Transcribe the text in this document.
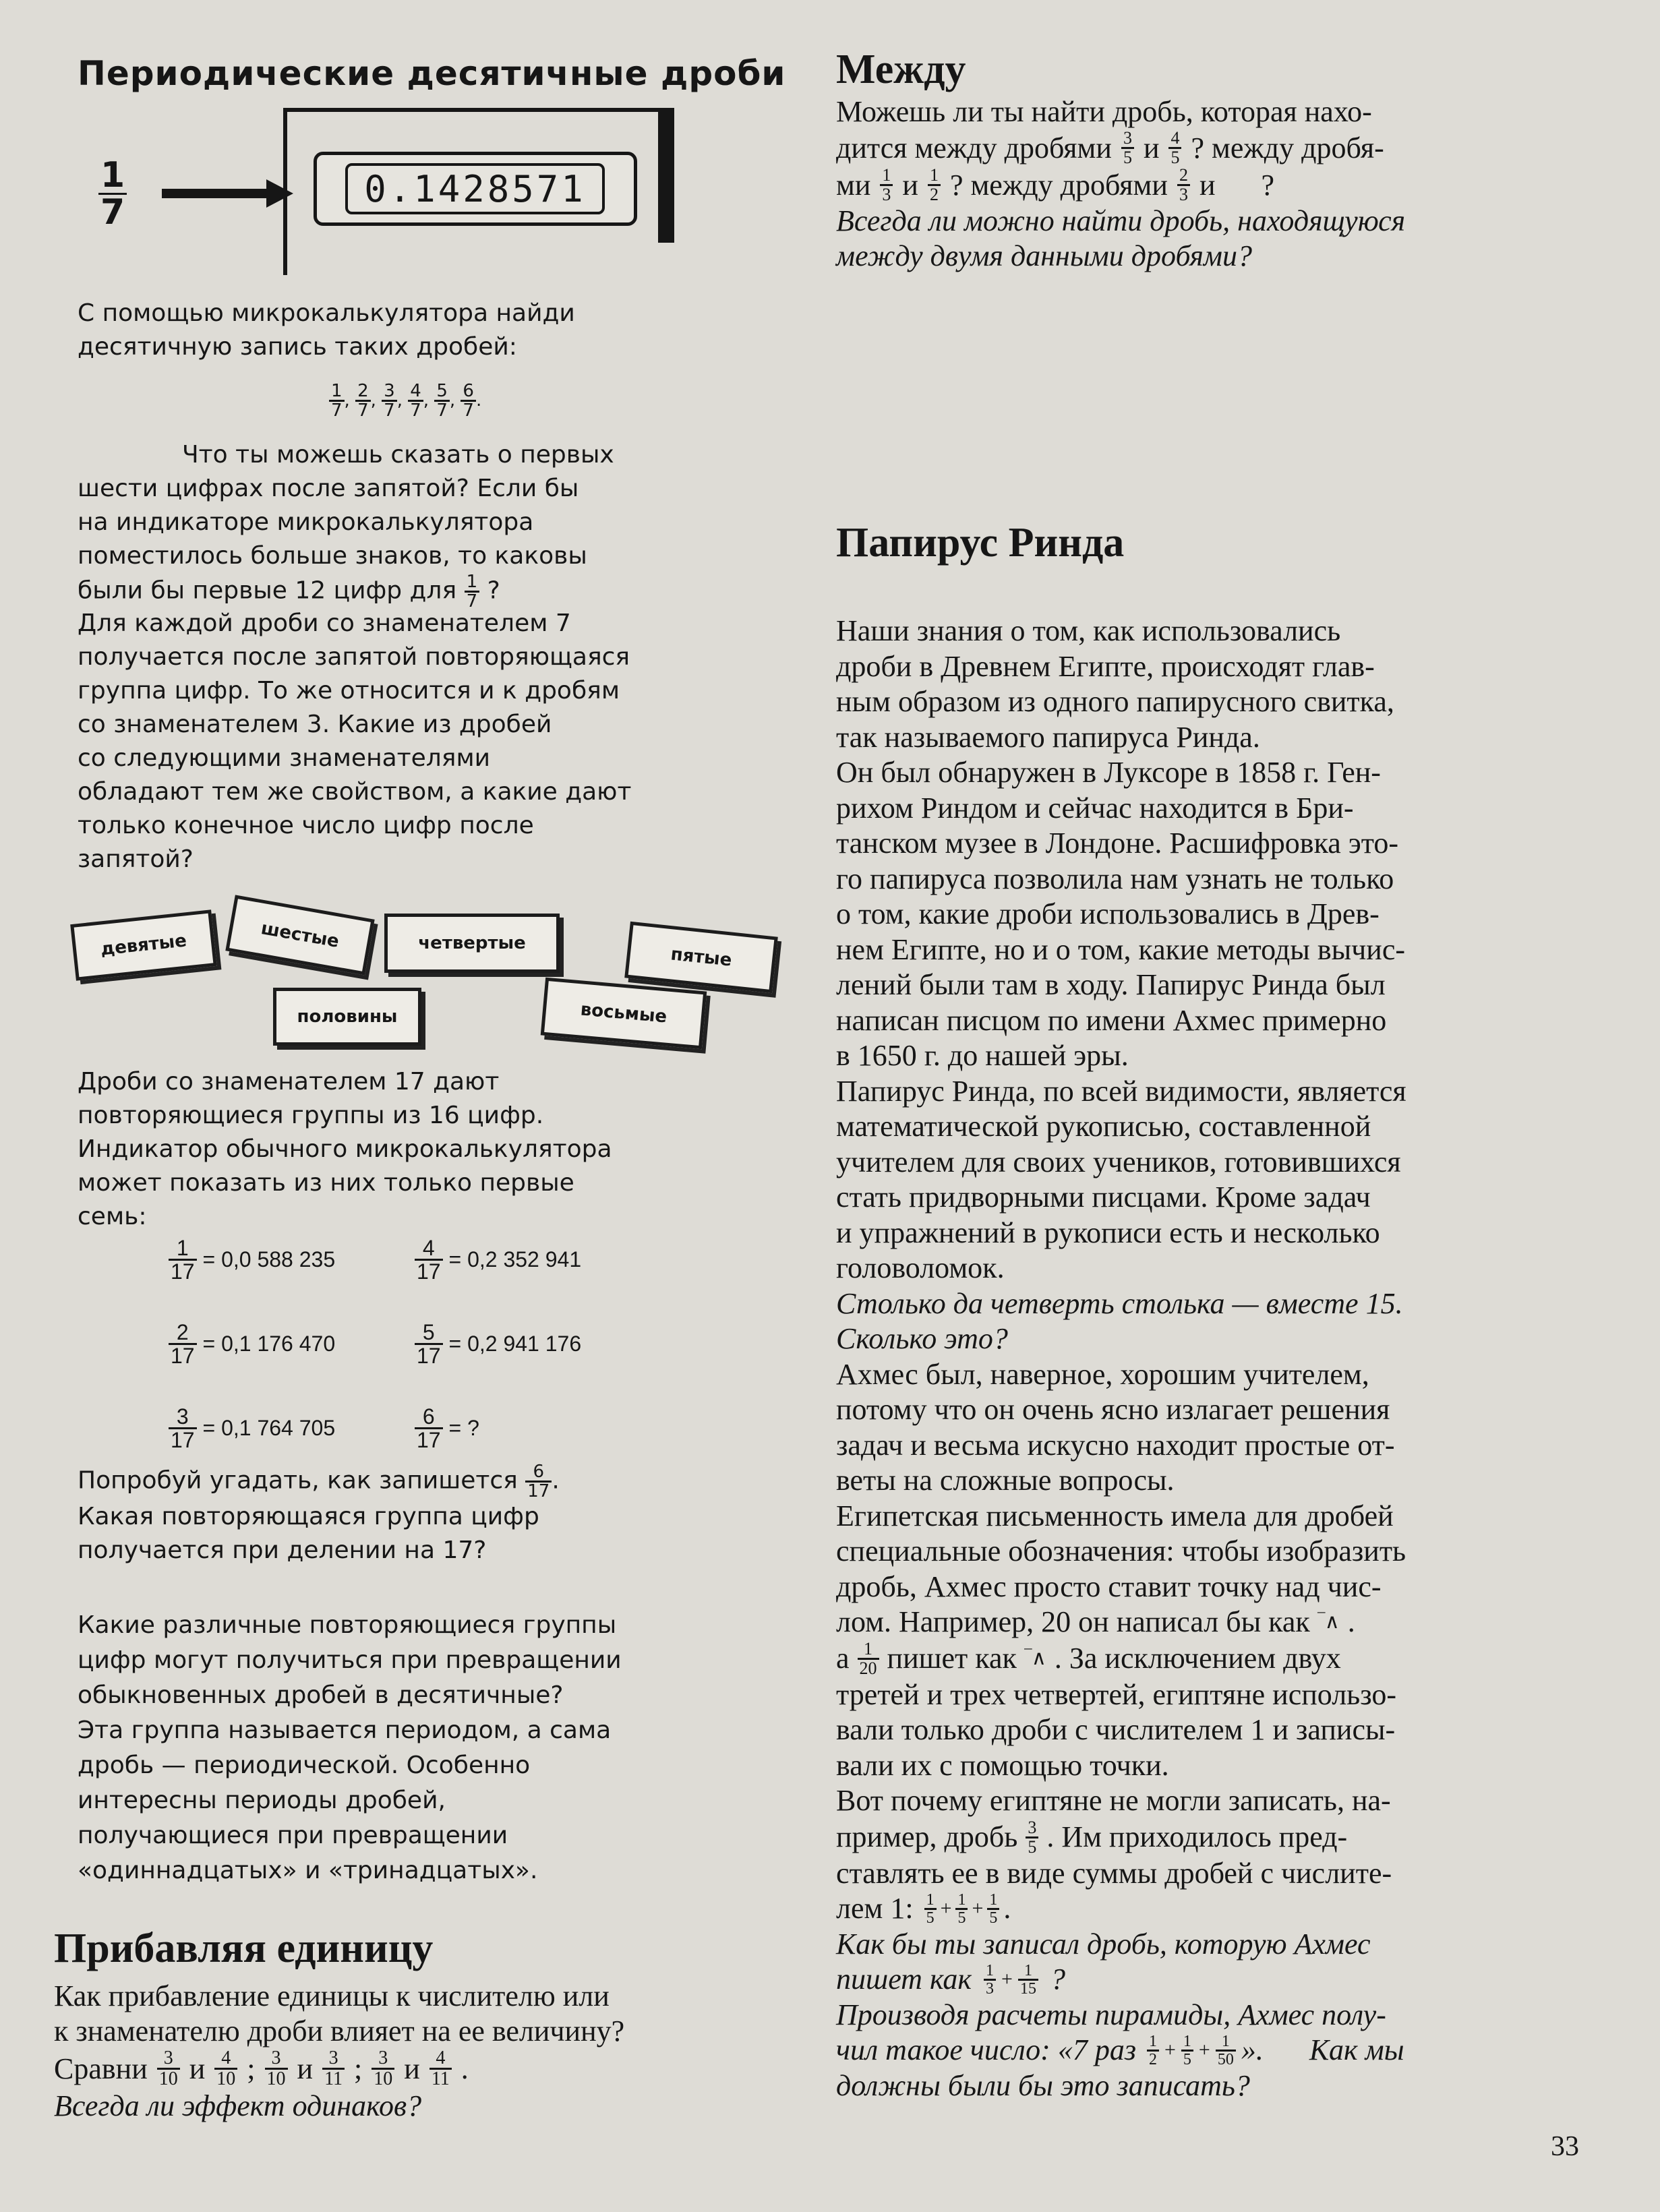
Периодические десятичные дроби
$\frac{1}{7}$	0.1428571
С помощью микрокалькулятора найди
десятичную запись таких дробей:
$\frac{1}{7}$ , $\frac{2}{7}$ , $\frac{3}{7}$ , $\frac{4}{7}$ , $\frac{5}{7}$ , $\frac{6}{7}$ .
Что ты можешь сказать о первых
шести цифрах после запятой? Если бы
на индикаторе микрокалькулятора
поместилось больше знаков, то каковы
были бы первые 12 цифр для $\frac{1}{7}$ ?
Для каждой дроби со знаменателем 7
получается после запятой повторяющаяся
группа цифр. То же относится и к дробям
со знаменателем 3. Какие из дробей
со следующими знаменателями
обладают тем же свойством, а какие дают
только конечное число цифр после
запятой?
девятые	шестые	четвертые
пятые
половины	восьмые
Дроби со знаменателем 17 дают
повторяющиеся группы из 16 цифр.
Индикатор обычного микрокалькулятора
может показать из них только первые
семь:
$\frac{1}{17} = 0,0$ 588 235	$\frac{4}{17} = 0,2$ 352 941
$\frac{2}{17} = 0,1$ 176 470	$\frac{5}{17} = 0,2$ 941 176
$\frac{3}{17} = 0,1$ 764 705	$\frac{6}{17}$ = ?
Попробуй угадать, как запишется $\frac{6}{17}$ .
Какая повторяющаяся группа цифр
получается при делении на 17?
Какие различные повторяющиеся группы
цифр могут получиться при превращении
обыкновенных дробей в десятичные?
Эта группа называется периодом, а сама
дробь — периодической. Особенно
интересны периоды дробей,
получающиеся при превращении
«одиннадцатых» и «тринадцатых».
Прибавляя единицу
Как прибавление единицы к числителю или
к знаменателю дроби влияет на ее величину?
Сравни $\frac{3}{10}$ и $\frac{4}{10}$ ; $\frac{3}{10}$ и $\frac{3}{11}$ ; $\frac{3}{10}$ и $\frac{4}{11}$ .
Всегда ли эффект одинаков?
Между
Можешь ли ты найти дробь, которая нахо-
дится между дробями $\frac{3}{5}$ и $\frac{4}{5}$ ? между дробя-
ми $\frac{1}{3}$ и $\frac{1}{2}$ ? между дробями $\frac{2}{3}$ и ?
Всегда ли можно найти дробь, находящуюся
между двумя данными дробями?
Папирус Ринда
Наши знания о том, как использовались
дроби в Древнем Египте, происходят глав-
ным образом из одного папирусного свитка,
так называемого папируса Ринда.
Он был обнаружен в Луксоре в 1858 г. Ген-
рихом Риндом и сейчас находится в Бри-
танском музее в Лондоне. Расшифровка это-
го папируса позволила нам узнать не только
о том, какие дроби использовались в Древ-
нем Египте, но и о том, какие методы вычис-
лений были там в ходу. Папирус Ринда был
написан писцом по имени Ахмес примерно
в 1650 г. до нашей эры.
Папирус Ринда, по всей видимости, является
математической рукописью, составленной
учителем для своих учеников, готовившихся
стать придворными писцами. Кроме задач
и упражнений в рукописи есть и несколько
головоломок.
Столько да четверть столька — вместе 15.
Сколько это?
Ахмес был, наверное, хорошим учителем,
потому что он очень ясно излагает решения
задач и весьма искусно находит простые от-
веты на сложные вопросы.
Египетская письменность имела для дробей
специальные обозначения: чтобы изобразить
дробь, Ахмес просто ставит точку над чис-
лом. Например, 20 он написал бы как ‾∧ .
а $\frac{1}{20}$ пишет как ‾∧ . За исключением двух
третей и трех четвертей, египтяне использо-
вали только дроби с числителем 1 и записы-
вали их с помощью точки.
Вот почему египтяне не могли записать, на-
пример, дробь $\frac{3}{5}$ . Им приходилось пред-
ставлять ее в виде суммы дробей с числите-
лем 1: $\frac{1}{5} + \frac{1}{5} + \frac{1}{5}$ .
Как бы ты записал дробь, которую Ахмес
пишет как $\frac{1}{3} + \frac{1}{15}$ ?
Производя расчеты пирамиды, Ахмес полу-
чил такое число: «7 раз $\frac{1}{2} + \frac{1}{5} + \frac{1}{50}$ ». Как мы
должны были бы это записать?
33
